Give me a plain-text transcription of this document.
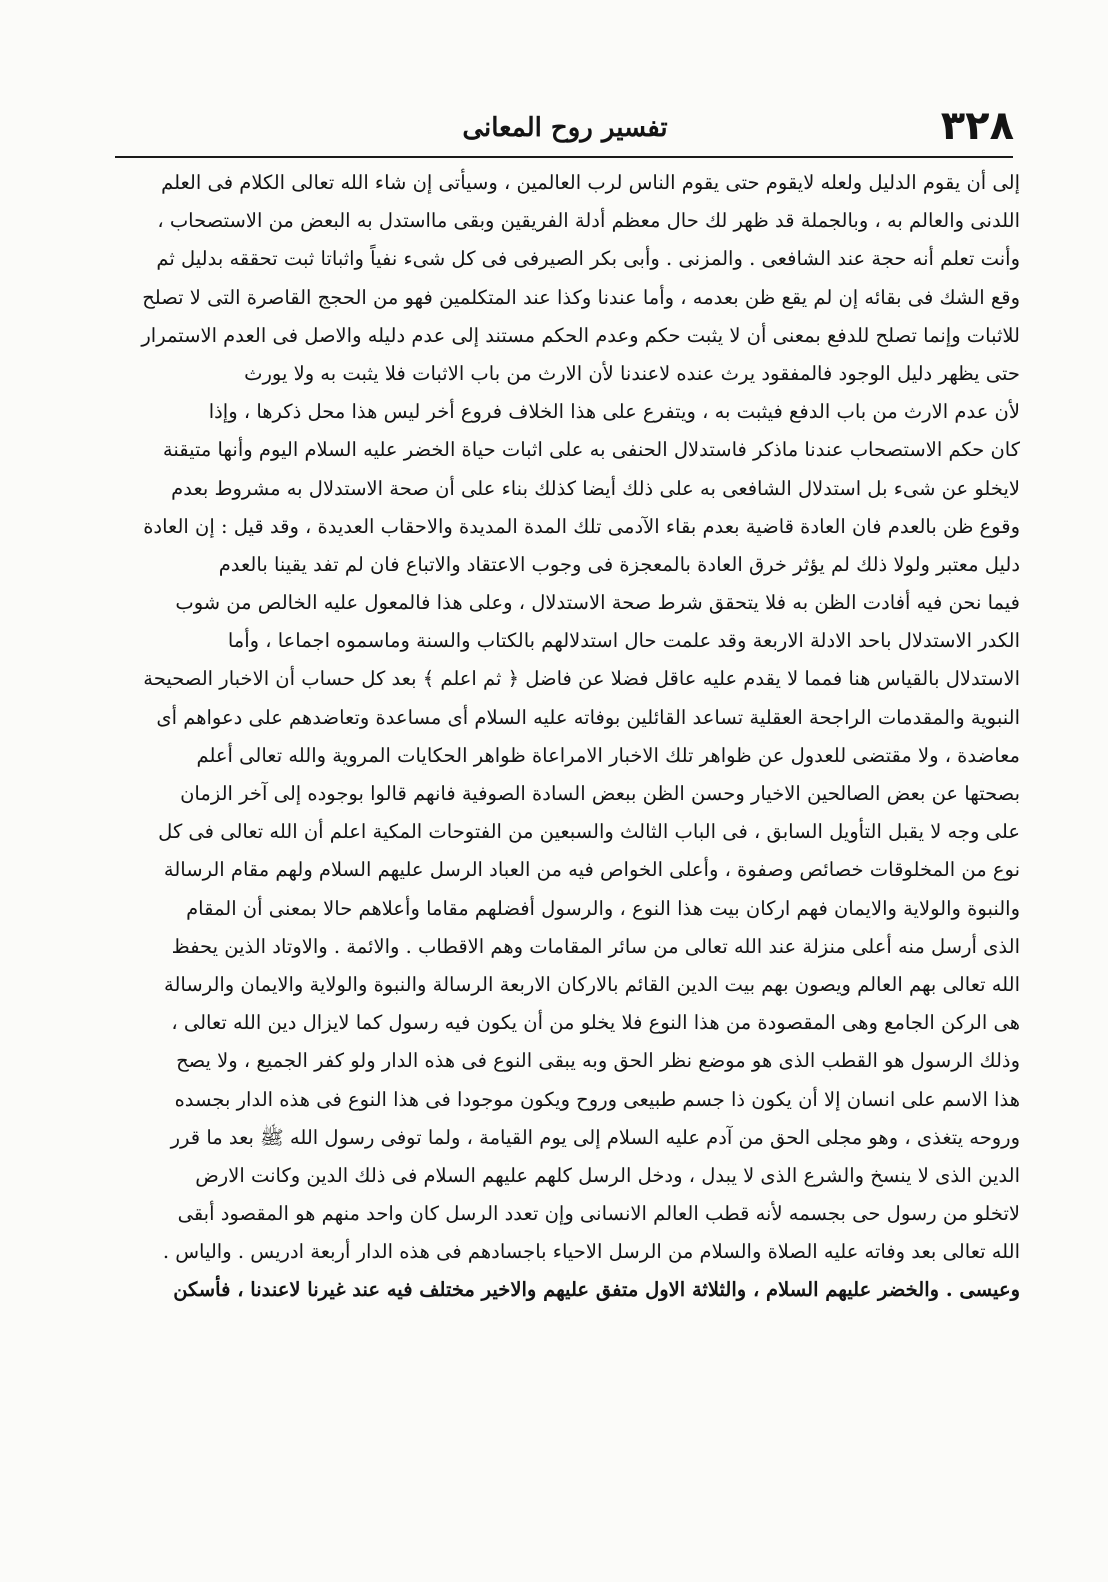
٣٢٨
تفسير روح المعانى
إلى أن يقوم الدليل ولعله لايقوم حتى يقوم الناس لرب العالمين ، وسيأتى إن شاء الله تعالى الكلام فى العلم
اللدنى والعالم به ، وبالجملة قد ظهر لك حال معظم أدلة الفريقين وبقى مااستدل به البعض من الاستصحاب ،
وأنت تعلم أنه حجة عند الشافعى . والمزنى . وأبى بكر الصيرفى فى كل شىء نفياً واثباتا ثبت تحققه بدليل ثم
وقع الشك فى بقائه إن لم يقع ظن بعدمه ، وأما عندنا وكذا عند المتكلمين فهو من الحجج القاصرة التى لا تصلح
للاثبات وإنما تصلح للدفع بمعنى أن لا يثبت حكم وعدم الحكم مستند إلى عدم دليله والاصل فى العدم الاستمرار
حتى يظهر دليل الوجود فالمفقود يرث عنده لاعندنا لأن الارث من باب الاثبات فلا يثبت به ولا يورث
لأن عدم الارث من باب الدفع فيثبت به ، ويتفرع على هذا الخلاف فروع أخر ليس هذا محل ذكرها ، وإذا
كان حكم الاستصحاب عندنا ماذكر فاستدلال الحنفى به على اثبات حياة الخضر عليه السلام اليوم وأنها متيقنة
لايخلو عن شىء بل استدلال الشافعى به على ذلك أيضا كذلك بناء على أن صحة الاستدلال به مشروط بعدم
وقوع ظن بالعدم فان العادة قاضية بعدم بقاء الآدمى تلك المدة المديدة والاحقاب العديدة ، وقد قيل : إن العادة
دليل معتبر ولولا ذلك لم يؤثر خرق العادة بالمعجزة فى وجوب الاعتقاد والاتباع فان لم تفد يقينا بالعدم
فيما نحن فيه أفادت الظن به فلا يتحقق شرط صحة الاستدلال ، وعلى هذا فالمعول عليه الخالص من شوب
الكدر الاستدلال باحد الادلة الاربعة وقد علمت حال استدلالهم بالكتاب والسنة وماسموه اجماعا ، وأما
الاستدلال بالقياس هنا فمما لا يقدم عليه عاقل فضلا عن فاضل ﴿ ثم اعلم ﴾ بعد كل حساب أن الاخبار الصحيحة
النبوية والمقدمات الراجحة العقلية تساعد القائلين بوفاته عليه السلام أى مساعدة وتعاضدهم على دعواهم أى
معاضدة ، ولا مقتضى للعدول عن ظواهر تلك الاخبار الامراعاة ظواهر الحكايات المروية والله تعالى أعلم
بصحتها عن بعض الصالحين الاخيار وحسن الظن ببعض السادة الصوفية فانهم قالوا بوجوده إلى آخر الزمان
على وجه لا يقبل التأويل السابق ، فى الباب الثالث والسبعين من الفتوحات المكية اعلم أن الله تعالى فى كل
نوع من المخلوقات خصائص وصفوة ، وأعلى الخواص فيه من العباد الرسل عليهم السلام ولهم مقام الرسالة
والنبوة والولاية والايمان فهم اركان بيت هذا النوع ، والرسول أفضلهم مقاما وأعلاهم حالا بمعنى أن المقام
الذى أرسل منه أعلى منزلة عند الله تعالى من سائر المقامات وهم الاقطاب . والائمة . والاوتاد الذين يحفظ
الله تعالى بهم العالم ويصون بهم بيت الدين القائم بالاركان الاربعة الرسالة والنبوة والولاية والايمان والرسالة
هى الركن الجامع وهى المقصودة من هذا النوع فلا يخلو من أن يكون فيه رسول كما لايزال دين الله تعالى ،
وذلك الرسول هو القطب الذى هو موضع نظر الحق وبه يبقى النوع فى هذه الدار ولو كفر الجميع ، ولا يصح
هذا الاسم على انسان إلا أن يكون ذا جسم طبيعى وروح ويكون موجودا فى هذا النوع فى هذه الدار بجسده
وروحه يتغذى ، وهو مجلى الحق من آدم عليه السلام إلى يوم القيامة ، ولما توفى رسول الله ﷺ بعد ما قرر
الدين الذى لا ينسخ والشرع الذى لا يبدل ، ودخل الرسل كلهم عليهم السلام فى ذلك الدين وكانت الارض
لاتخلو من رسول حى بجسمه لأنه قطب العالم الانسانى وإن تعدد الرسل كان واحد منهم هو المقصود أبقى
الله تعالى بعد وفاته عليه الصلاة والسلام من الرسل الاحياء باجسادهم فى هذه الدار أربعة ادريس . والياس .
وعيسى . والخضر عليهم السلام ، والثلاثة الاول متفق عليهم والاخير مختلف فيه عند غيرنا لاعندنا ، فأسكن
